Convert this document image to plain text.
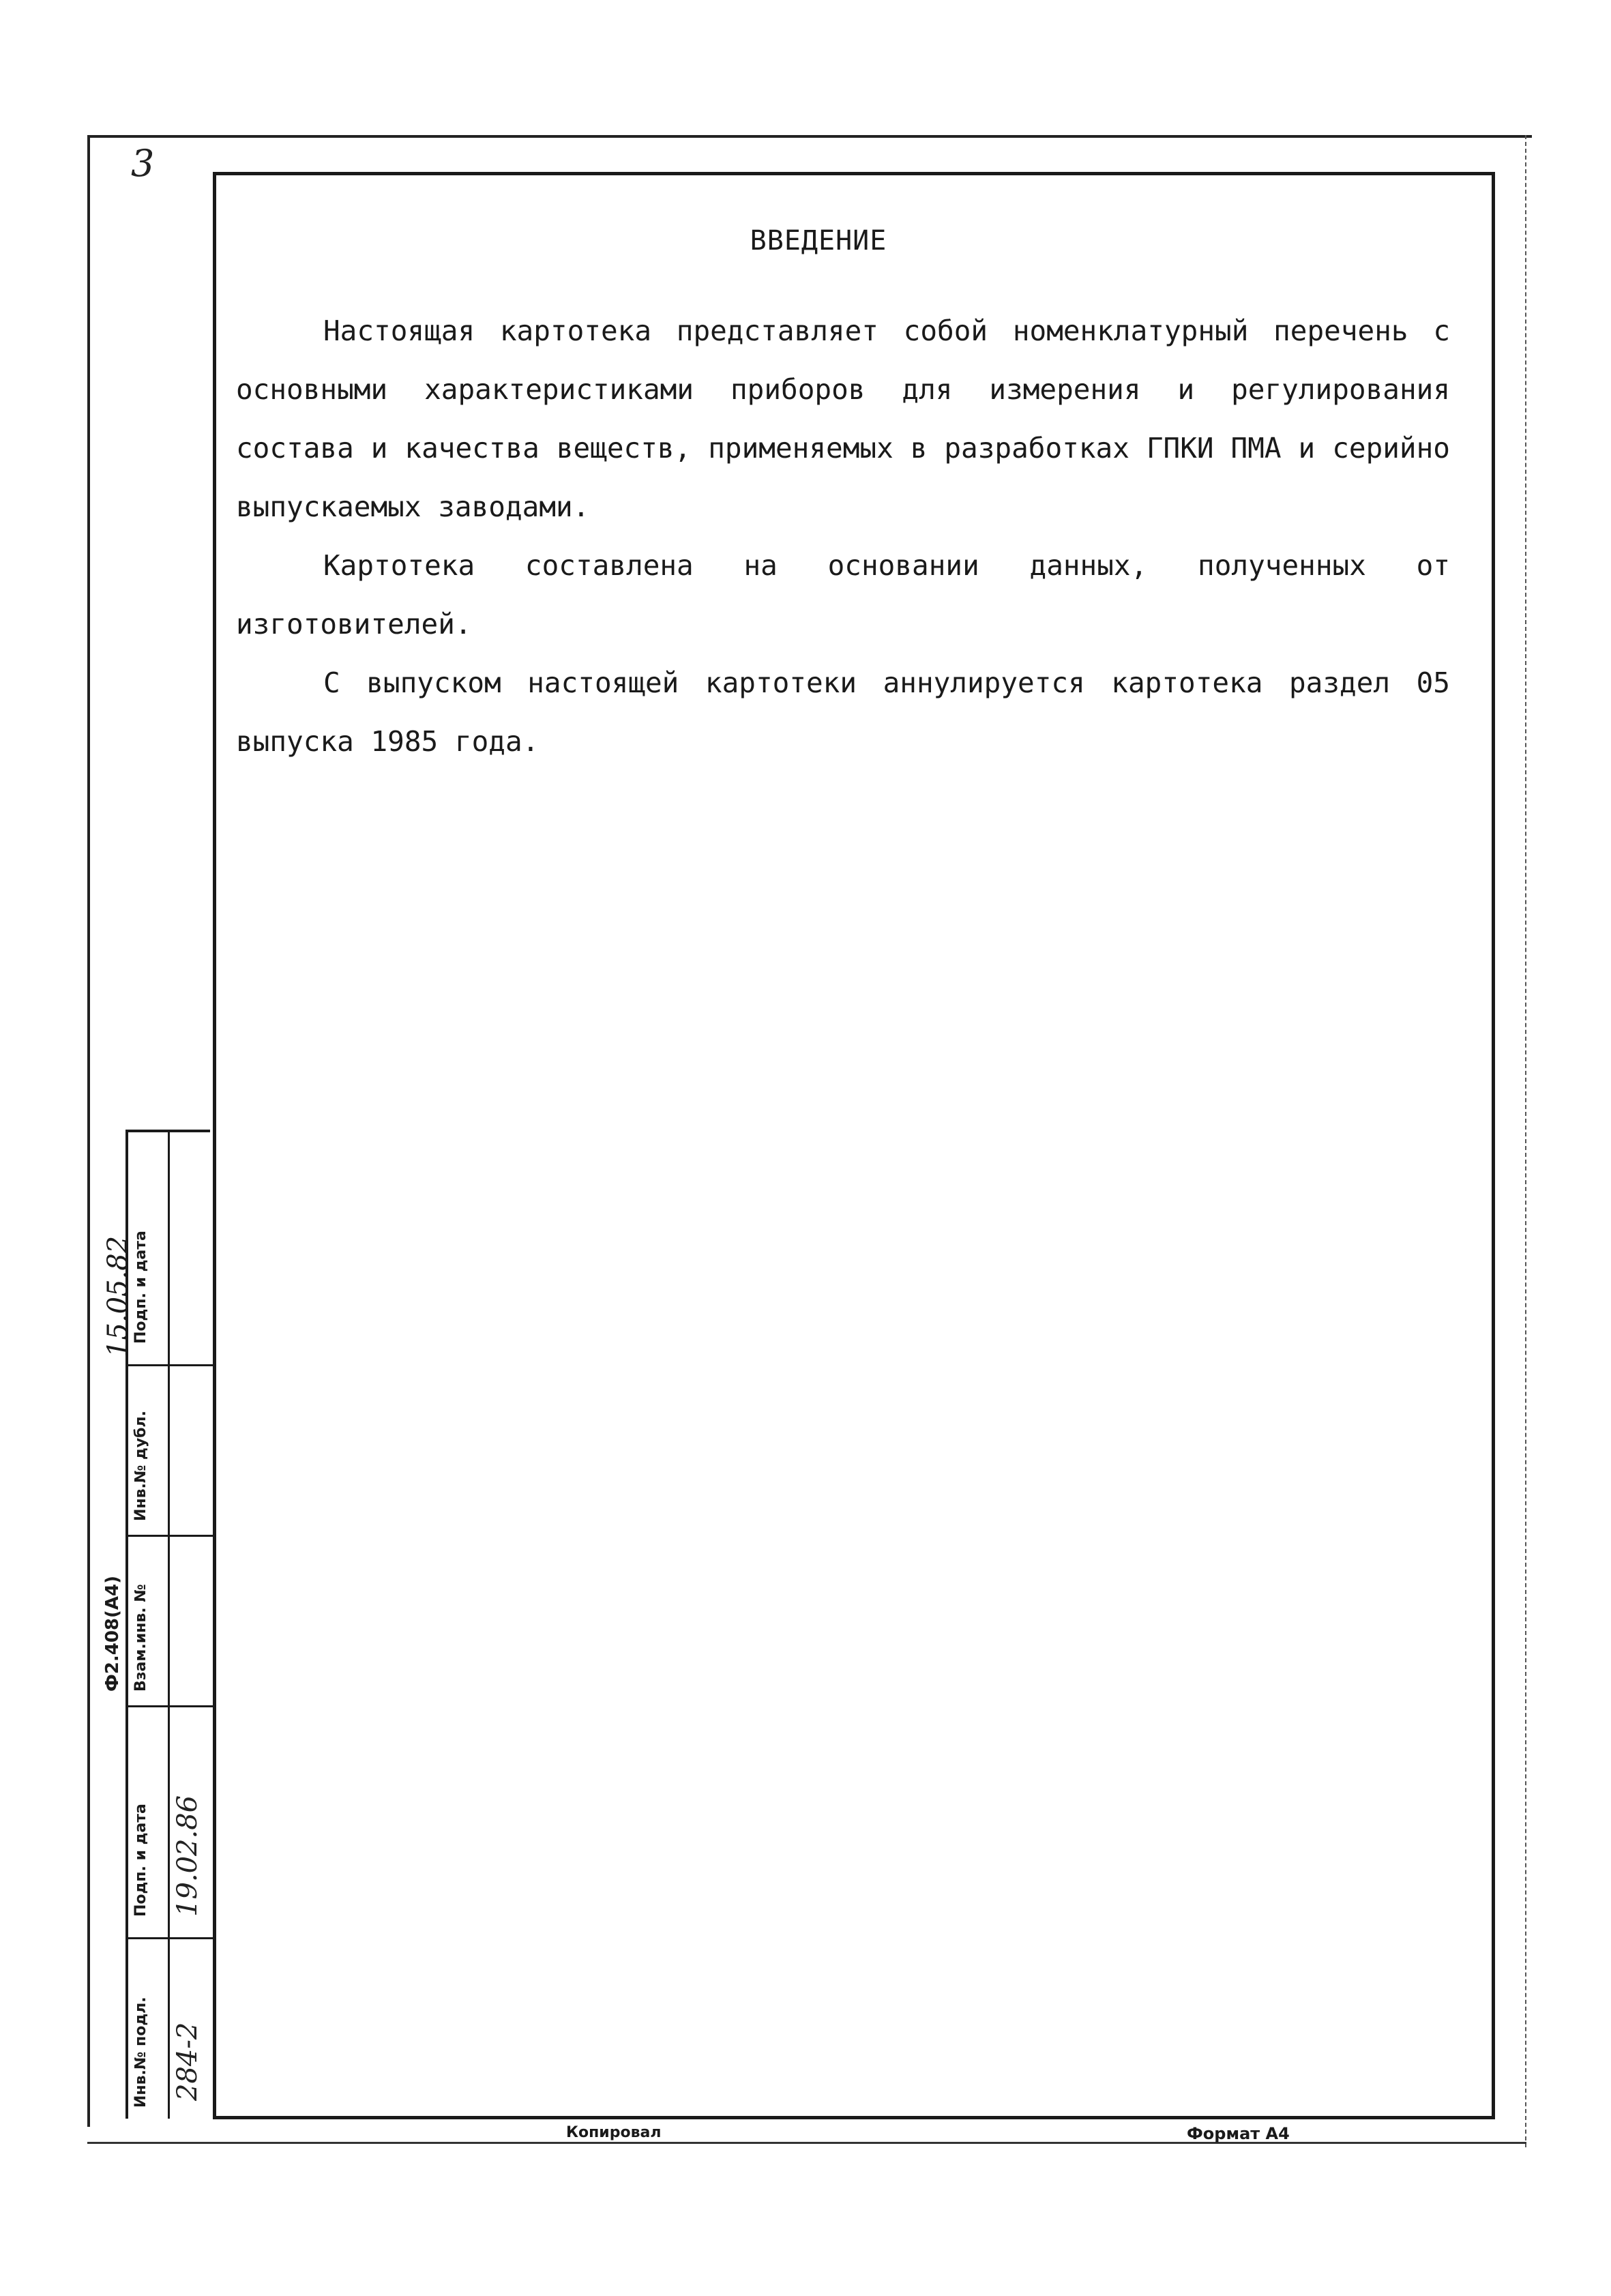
3
ВВЕДЕНИЕ

Настоящая картотека представляет собой номенклатурный перечень с основными характеристиками приборов для измерения и регулирования состава и качества веществ, применяемых в разработках ГПКИ ПМА и серийно выпускаемых заводами.

Картотека составлена на основании данных, полученных от изготовителей.

С выпуском настоящей картотеки аннулируется картотека раздел 05 выпуска 1985 года.

Копировал	Формат А4
Ф2.408(А4)
15.05.82
Подп. и дата
Инв.№ дубл.
Взам.инв. №
Подп. и дата
Инв.№ подл.
19.02.86
284-2
